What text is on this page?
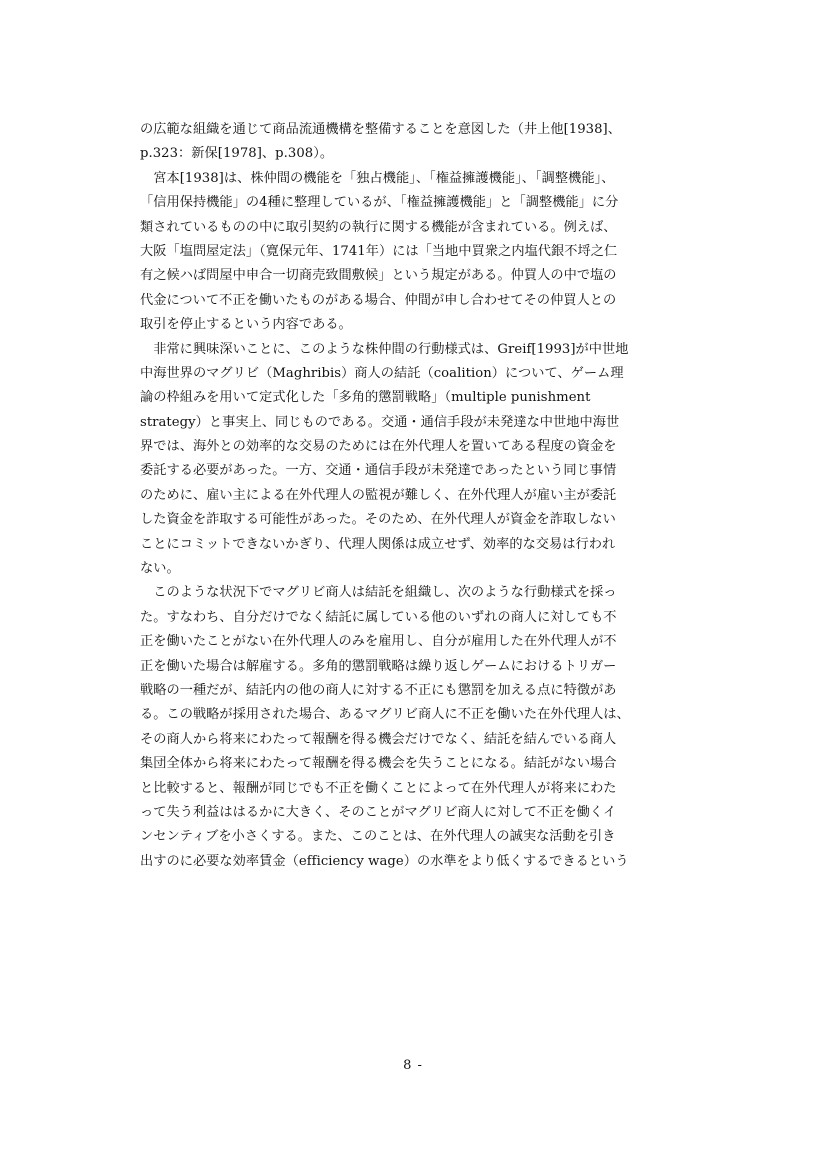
の広範な組織を通じて商品流通機構を整備することを意図した（井上他[1938]、
p.323：新保[1978]、p.308）。
　宮本[1938]は、株仲間の機能を「独占機能」、「権益擁護機能」、「調整機能」、
「信用保持機能」の4種に整理しているが、「権益擁護機能」と「調整機能」に分
類されているものの中に取引契約の執行に関する機能が含まれている。例えば、
大阪「塩問屋定法」（寛保元年、1741年）には「当地中買衆之内塩代銀不埒之仁
有之候ハば問屋中申合一切商売致間敷候」という規定がある。仲買人の中で塩の
代金について不正を働いたものがある場合、仲間が申し合わせてその仲買人との
取引を停止するという内容である。
　非常に興味深いことに、このような株仲間の行動様式は、Greif[1993]が中世地
中海世界のマグリビ（Maghribis）商人の結託（coalition）について、ゲーム理
論の枠組みを用いて定式化した「多角的懲罰戦略」（multiple punishment
strategy）と事実上、同じものである。交通・通信手段が未発達な中世地中海世
界では、海外との効率的な交易のためには在外代理人を置いてある程度の資金を
委託する必要があった。一方、交通・通信手段が未発達であったという同じ事情
のために、雇い主による在外代理人の監視が難しく、在外代理人が雇い主が委託
した資金を詐取する可能性があった。そのため、在外代理人が資金を詐取しない
ことにコミットできないかぎり、代理人関係は成立せず、効率的な交易は行われ
ない。
　このような状況下でマグリビ商人は結託を組織し、次のような行動様式を採っ
た。すなわち、自分だけでなく結託に属している他のいずれの商人に対しても不
正を働いたことがない在外代理人のみを雇用し、自分が雇用した在外代理人が不
正を働いた場合は解雇する。多角的懲罰戦略は繰り返しゲームにおけるトリガー
戦略の一種だが、結託内の他の商人に対する不正にも懲罰を加える点に特徴があ
る。この戦略が採用された場合、あるマグリビ商人に不正を働いた在外代理人は、
その商人から将来にわたって報酬を得る機会だけでなく、結託を結んでいる商人
集団全体から将来にわたって報酬を得る機会を失うことになる。結託がない場合
と比較すると、報酬が同じでも不正を働くことによって在外代理人が将来にわた
って失う利益ははるかに大きく、そのことがマグリビ商人に対して不正を働くイ
ンセンティブを小さくする。また、このことは、在外代理人の誠実な活動を引き
出すのに必要な効率賃金（efficiency wage）の水準をより低くするできるという
8 -
